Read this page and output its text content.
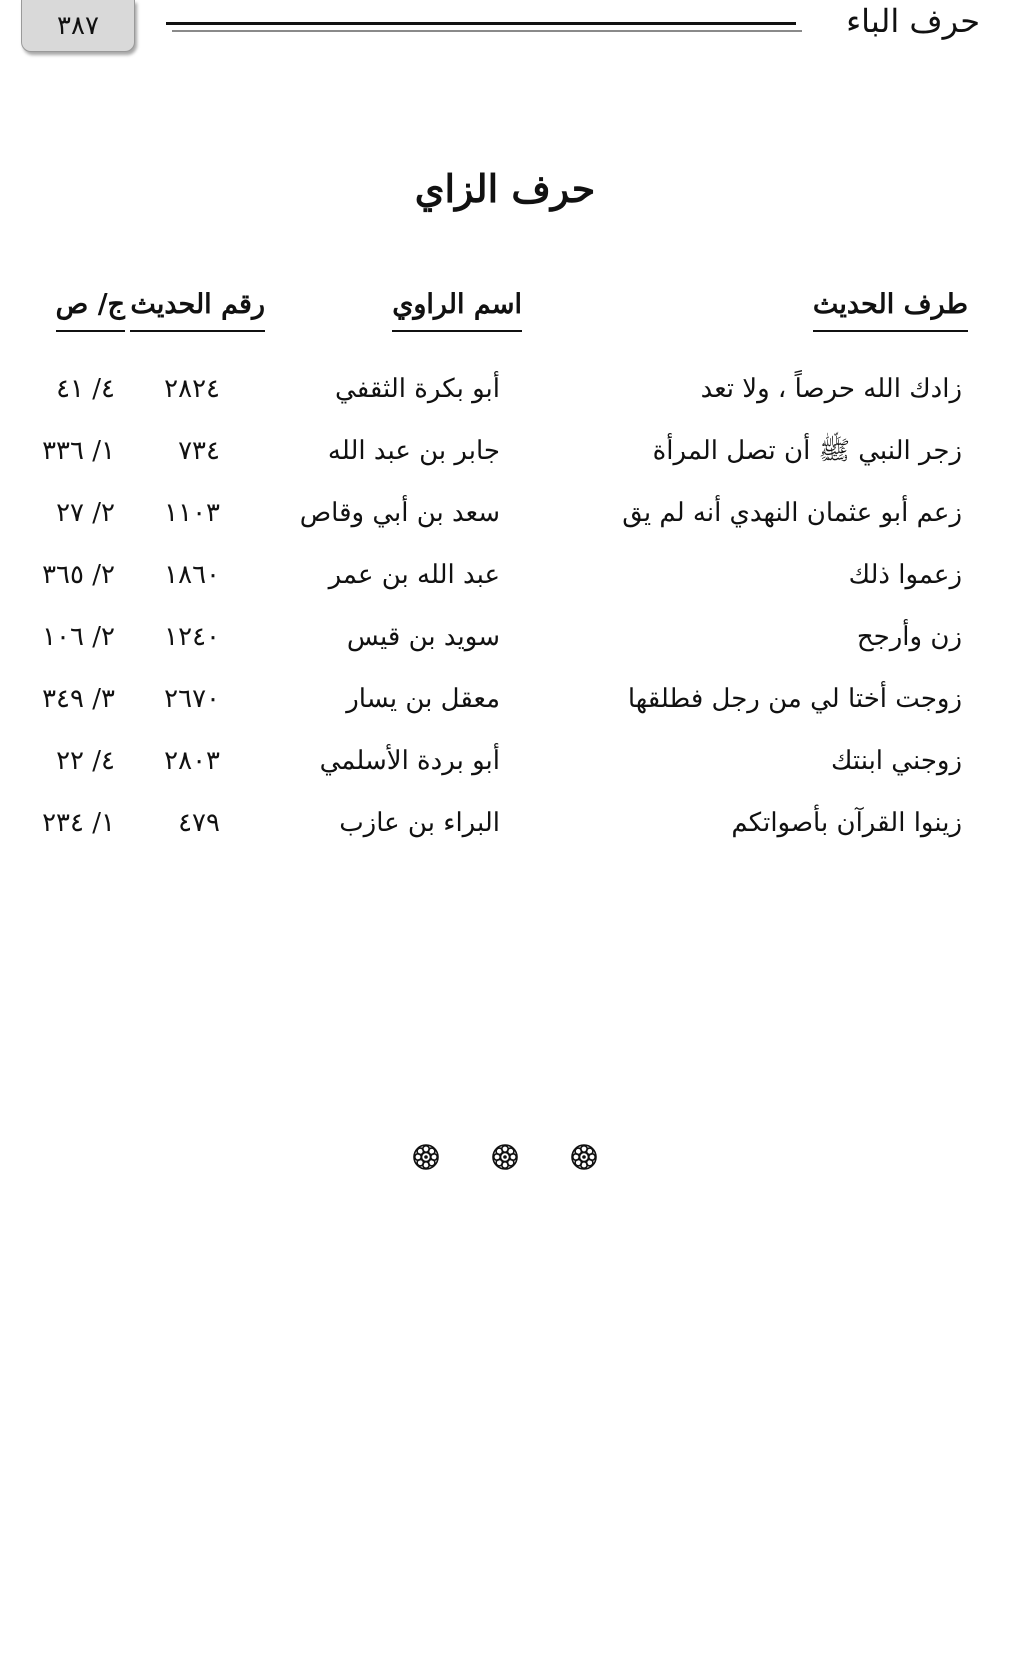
٣٨٧	حرف الباء
حرف الزاي
طرف الحديث
اسم الراوي
رقم الحديث
ج/ ص
زادك الله حرصاً ، ولا تعد
أبو بكرة الثقفي
٢٨٢٤
٤/ ٤١
زجر النبي ﷺ أن تصل المرأة
جابر بن عبد الله
٧٣٤
١/ ٣٣٦
زعم أبو عثمان النهدي أنه لم يق
سعد بن أبي وقاص
١١٠٣
٢/ ٢٧
زعموا ذلك
عبد الله بن عمر
١٨٦٠
٢/ ٣٦٥
زن وأرجح
سويد بن قيس
١٢٤٠
٢/ ١٠٦
زوجت أختا لي من رجل فطلقها
معقل بن يسار
٢٦٧٠
٣/ ٣٤٩
زوجني ابنتك
أبو بردة الأسلمي
٢٨٠٣
٤/ ٢٢
زينوا القرآن بأصواتكم
البراء بن عازب
٤٧٩
١/ ٢٣٤
